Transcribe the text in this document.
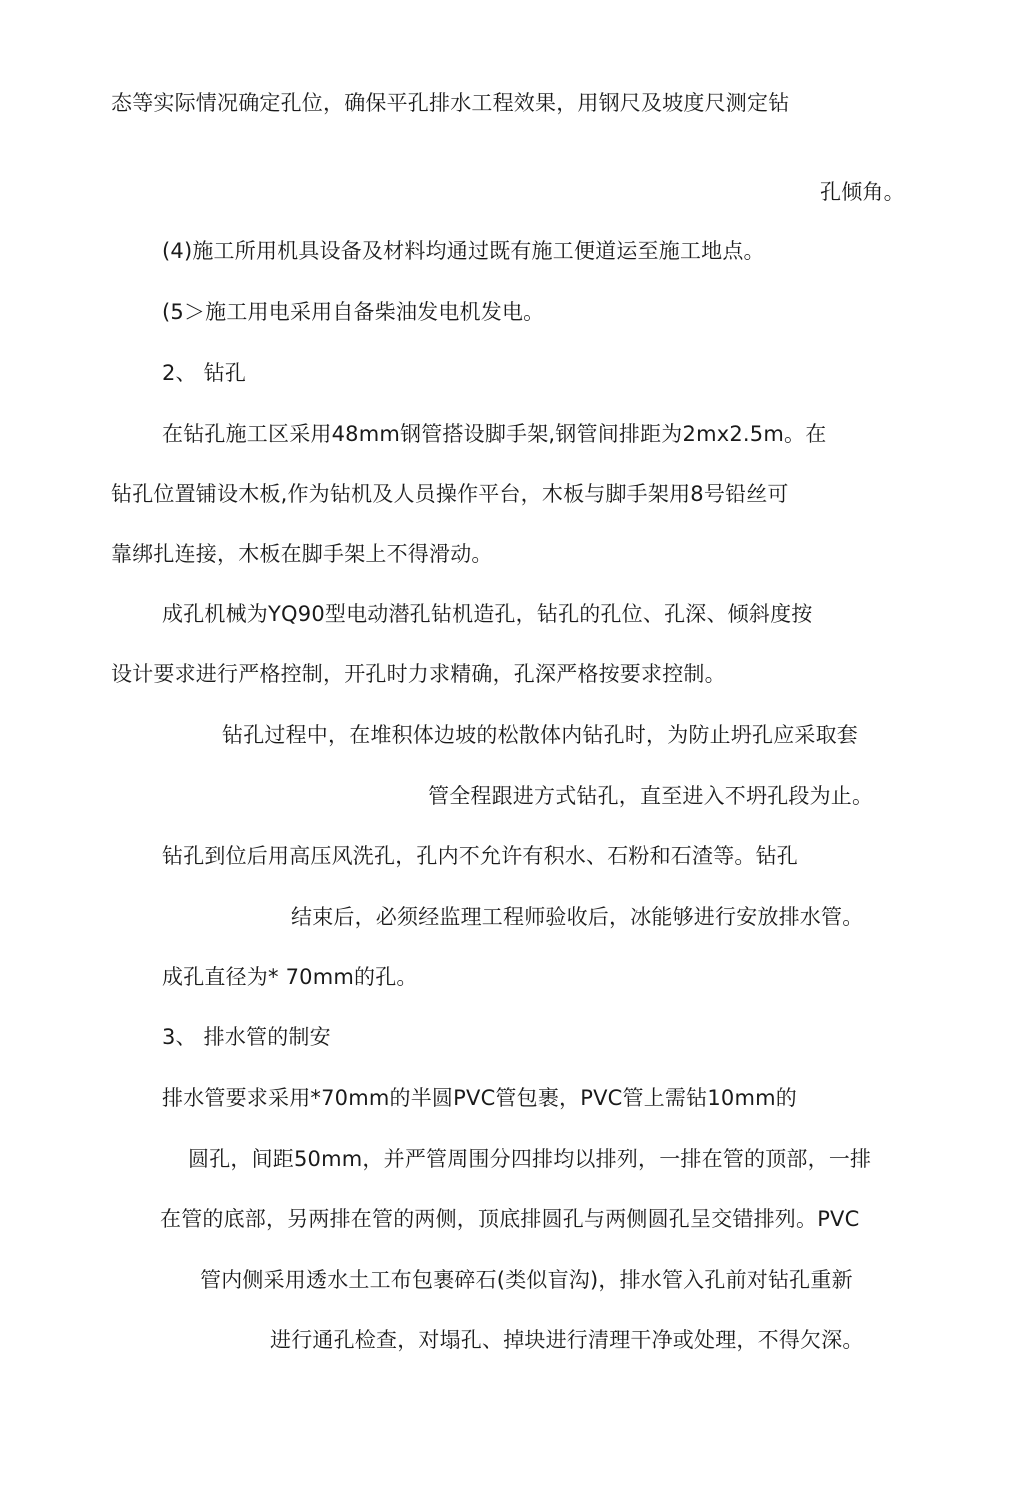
态等实际情况确定孔位，确保平孔排水工程效果，用钢尺及坡度尺测定钻
孔倾角。
(4)施工所用机具设备及材料均通过既有施工便道运至施工地点。
(5＞施工用电采用自备柴油发电机发电。
2、 钻孔
在钻孔施工区采用48mm钢管搭设脚手架,钢管间排距为2mx2.5m。在
钻孔位置铺设木板,作为钻机及人员操作平台，木板与脚手架用8号铅丝可
靠绑扎连接，木板在脚手架上不得滑动。
成孔机械为YQ90型电动潜孔钻机造孔，钻孔的孔位、孔深、倾斜度按
设计要求进行严格控制，开孔时力求精确，孔深严格按要求控制。
钻孔过程中，在堆积体边坡的松散体内钻孔时，为防止坍孔应采取套
管全程跟进方式钻孔，直至进入不坍孔段为止。
钻孔到位后用高压风洗孔，孔内不允许有积水、石粉和石渣等。钻孔
结束后，必须经监理工程师验收后，冰能够进行安放排水管。
成孔直径为* 70mm的孔。
3、 排水管的制安
排水管要求采用*70mm的半圆PVC管包裹，PVC管上需钻10mm的
圆孔，间距50mm，并严管周围分四排均以排列，一排在管的顶部，一排
在管的底部，另两排在管的两侧，顶底排圆孔与两侧圆孔呈交错排列。PVC
管内侧采用透水土工布包裹碎石(类似盲沟)，排水管入孔前对钻孔重新
进行通孔检查，对塌孔、掉块进行清理干净或处理，不得欠深。
